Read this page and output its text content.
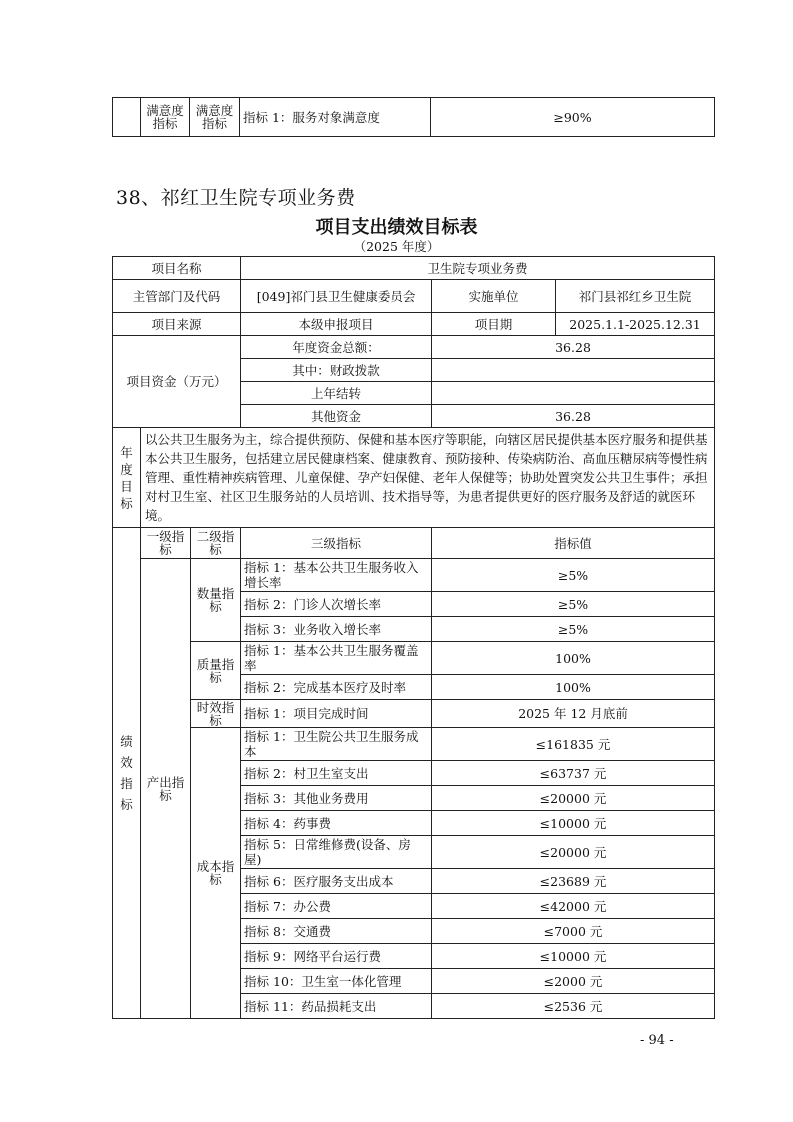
	满意度指标	满意度指标	指标 1：服务对象满意度	≥90%
38、祁红卫生院专项业务费
项目支出绩效目标表
（2025 年度）
项目名称			卫生院专项业务费		
主管部门及代码			[049]祁门县卫生健康委员会	实施单位	祁门县祁红乡卫生院
项目来源			本级申报项目	项目期	2025.1.1-2025.12.31
项目资金（万元）			年度资金总额：	36.28	
			其中：财政拨款		
			上年结转		
			其他资金	36.28	

年度目标	以公共卫生服务为主，综合提供预防、保健和基本医疗等职能，向辖区居民提供基本医疗服务和提供基本公共卫生服务，包括建立居民健康档案、健康教育、预防接种、传染病防治、高血压糖尿病等慢性病管理、重性精神疾病管理、儿童保健、孕产妇保健、老年人保健等；协助处置突发公共卫生事件；承担对村卫生室、社区卫生服务站的人员培训、技术指导等，为患者提供更好的医疗服务及舒适的就医环境。				

绩效指标	一级指标	二级指标	三级指标	指标值	
	产出指标	数量指标	指标 1：基本公共卫生服务收入增长率	≥5%	
			指标 2：门诊人次增长率	≥5%	
			指标 3：业务收入增长率	≥5%	
		质量指标	指标 1：基本公共卫生服务覆盖率	100%	
			指标 2：完成基本医疗及时率	100%	
		时效指标	指标 1：项目完成时间	2025 年 12 月底前	
		成本指标	指标 1：卫生院公共卫生服务成本	≤161835 元	
			指标 2：村卫生室支出	≤63737 元	
			指标 3：其他业务费用	≤20000 元	
			指标 4：药事费	≤10000 元	
			指标 5：日常维修费(设备、房屋)	≤20000 元	
			指标 6：医疗服务支出成本	≤23689 元	
			指标 7：办公费	≤42000 元	
			指标 8：交通费	≤7000 元	
			指标 9：网络平台运行费	≤10000 元	
			指标 10：卫生室一体化管理	≤2000 元	
			指标 11：药品损耗支出	≤2536 元	
- 94 -
